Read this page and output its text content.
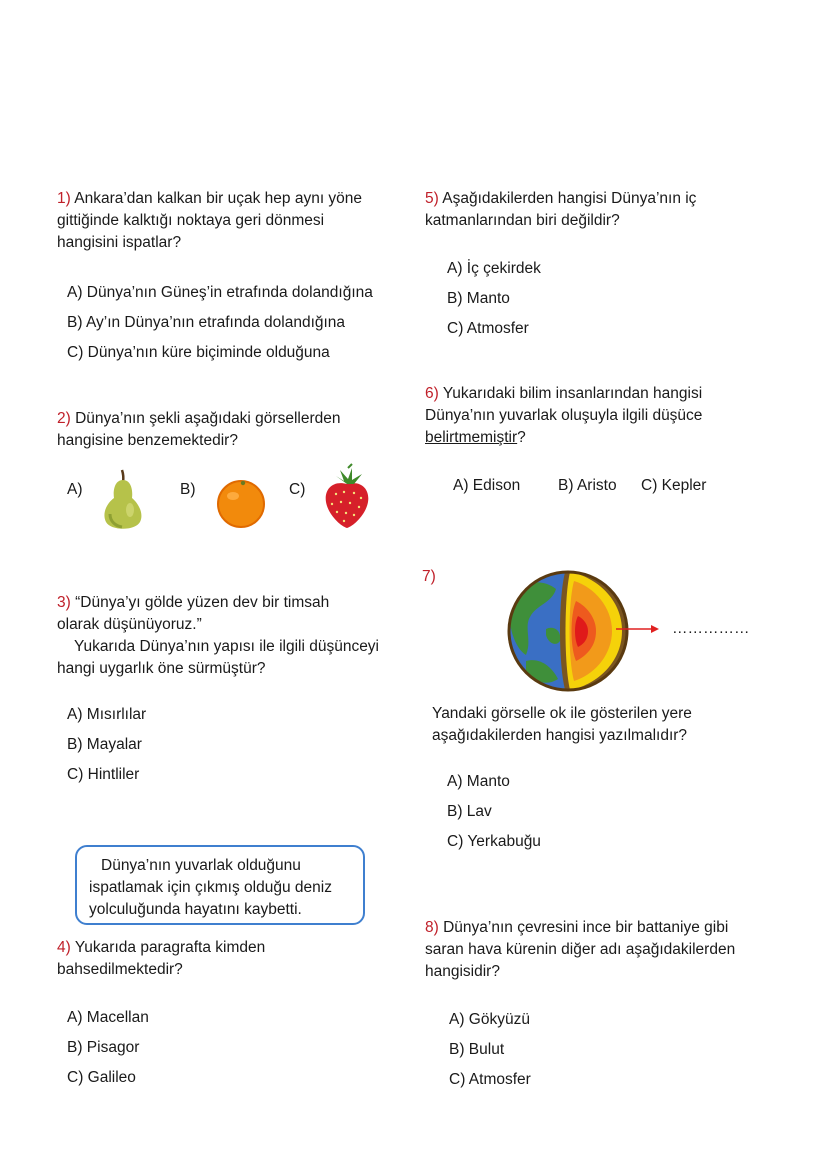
1) Ankara’dan kalkan bir uçak hep aynı yöne
gittiğinde kalktığı noktaya geri dönmesi
hangisini ispatlar?
A) Dünya’nın Güneş’in etrafında dolandığına
B) Ay’ın Dünya’nın etrafında dolandığına
C) Dünya’nın küre biçiminde olduğuna
2) Dünya’nın şekli aşağıdaki görsellerden
hangisine benzemektedir?
A)	B)	C)
3) “Dünya’yı gölde yüzen dev bir timsah
olarak düşünüyoruz.”
Yukarıda Dünya’nın yapısı ile ilgili düşünceyi
hangi uygarlık öne sürmüştür?
A) Mısırlılar
B) Mayalar
C) Hintliler
Dünya’nın yuvarlak olduğunu
ispatlamak için çıkmış olduğu deniz
yolculuğunda hayatını kaybetti.
4) Yukarıda paragrafta kimden
bahsedilmektedir?
A) Macellan
B) Pisagor
C) Galileo
5) Aşağıdakilerden hangisi Dünya’nın iç
katmanlarından biri değildir?
A) İç çekirdek
B) Manto
C) Atmosfer
6) Yukarıdaki bilim insanlarından hangisi
Dünya’nın yuvarlak oluşuyla ilgili düşüce
belirtmemiştir?
A) Edison B) Aristo C) Kepler
7)
……………
Yandaki görselle ok ile gösterilen yere
aşağıdakilerden hangisi yazılmalıdır?
A) Manto
B) Lav
C) Yerkabuğu
8) Dünya’nın çevresini ince bir battaniye gibi
saran hava kürenin diğer adı aşağıdakilerden
hangisidir?
A) Gökyüzü
B) Bulut
C) Atmosfer
